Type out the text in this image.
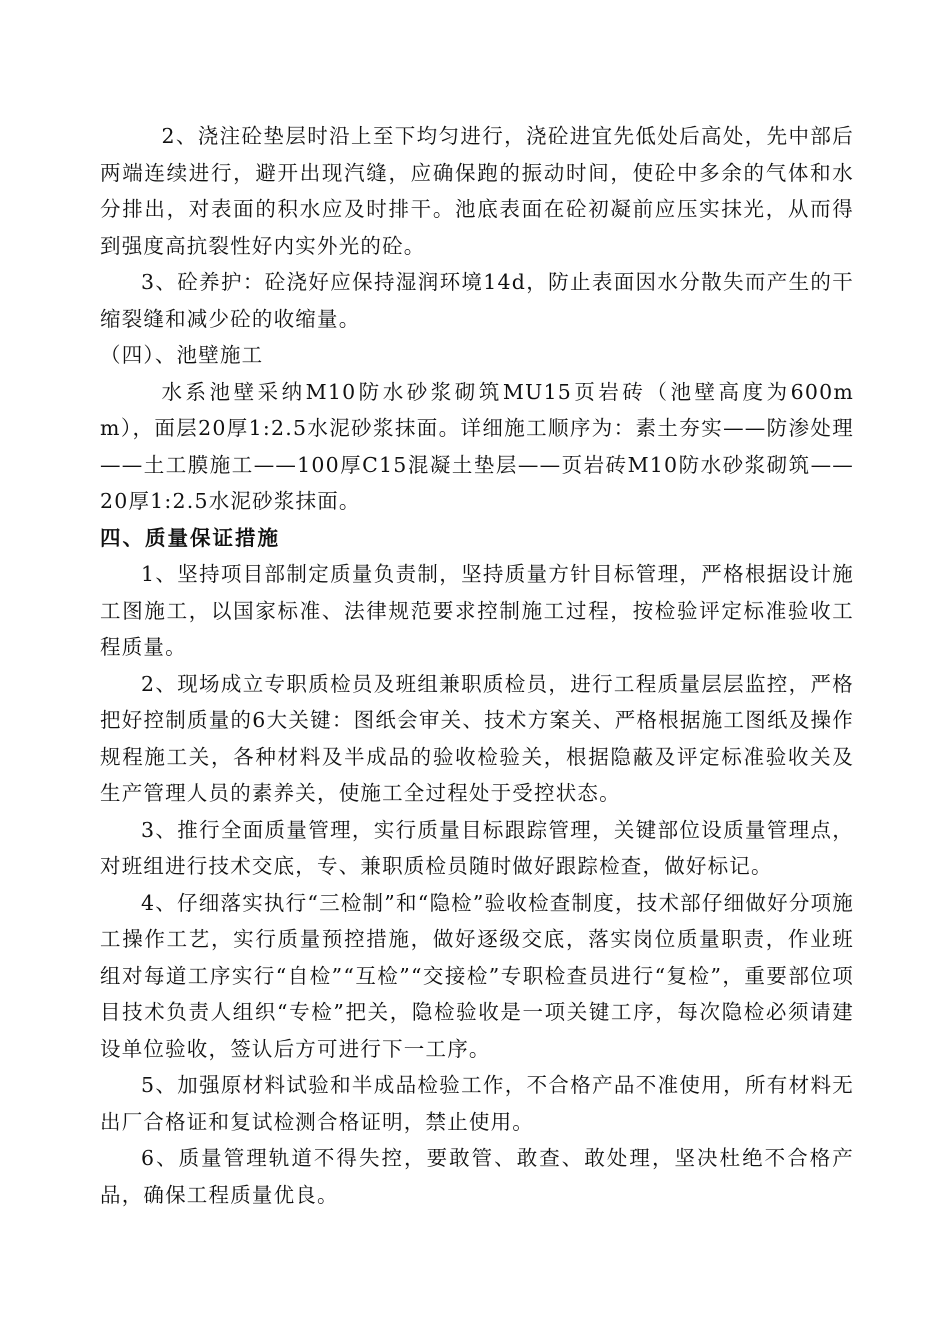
2、浇注砼垫层时沿上至下均匀进行，浇砼进宜先低处后高处，先中部后两端连续进行，避开出现汽缝，应确保跑的振动时间，使砼中多余的气体和水分排出，对表面的积水应及时排干。池底表面在砼初凝前应压实抹光，从而得到强度高抗裂性好内实外光的砼。

3、砼养护：砼浇好应保持湿润环境14d，防止表面因水分散失而产生的干缩裂缝和减少砼的收缩量。

（四）、池壁施工

水系池壁采纳M10防水砂浆砌筑MU15页岩砖（池壁高度为600mm），面层20厚1:2.5水泥砂浆抹面。详细施工顺序为：素土夯实——防渗处理——土工膜施工——100厚C15混凝土垫层——页岩砖M10防水砂浆砌筑——20厚1:2.5水泥砂浆抹面。

四、质量保证措施

1、坚持项目部制定质量负责制，坚持质量方针目标管理，严格根据设计施工图施工，以国家标准、法律规范要求控制施工过程，按检验评定标准验收工程质量。

2、现场成立专职质检员及班组兼职质检员，进行工程质量层层监控，严格把好控制质量的6大关键：图纸会审关、技术方案关、严格根据施工图纸及操作规程施工关，各种材料及半成品的验收检验关，根据隐蔽及评定标准验收关及生产管理人员的素养关，使施工全过程处于受控状态。

3、推行全面质量管理，实行质量目标跟踪管理，关键部位设质量管理点，对班组进行技术交底，专、兼职质检员随时做好跟踪检查，做好标记。

4、仔细落实执行“三检制”和“隐检”验收检查制度，技术部仔细做好分项施工操作工艺，实行质量预控措施，做好逐级交底，落实岗位质量职责，作业班组对每道工序实行“自检”“互检”“交接检”专职检查员进行“复检”，重要部位项目技术负责人组织“专检”把关，隐检验收是一项关键工序，每次隐检必须请建设单位验收，签认后方可进行下一工序。

5、加强原材料试验和半成品检验工作，不合格产品不准使用，所有材料无出厂合格证和复试检测合格证明，禁止使用。

6、质量管理轨道不得失控，要敢管、敢查、敢处理，坚决杜绝不合格产品，确保工程质量优良。
